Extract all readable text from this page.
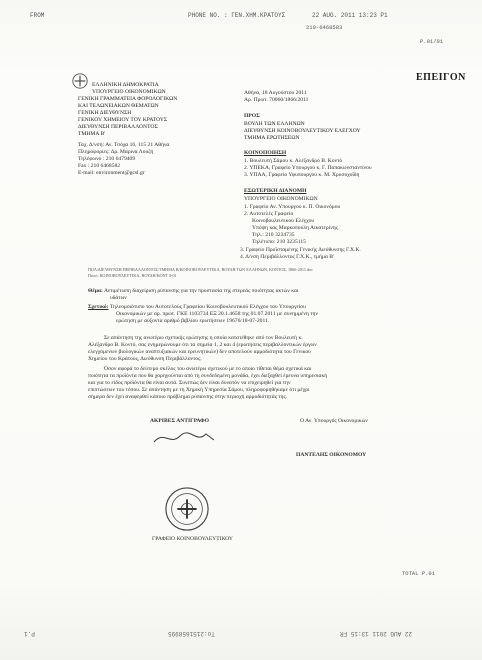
FROM	PHONE NO. : ΓΕΝ.ΧΗΜ.ΚΡΑΤΟΥΣ	22 AUG. 2011 13:23 P1
210-6468583
P.01/01
ΕΠΕΙΓΟΝ
ΕΛΛΗΝΙΚΗ ΔΗΜΟΚΡΑΤΙΑ
ΥΠΟΥΡΓΕΙΟ ΟΙΚΟΝΟΜΙΚΩΝ
ΓΕΝΙΚΗ ΓΡΑΜΜΑΤΕΙΑ ΦΟΡΟΛΟΓΙΚΩΝ
ΚΑΙ ΤΕΛΩΝΕΙΑΚΩΝ ΘΕΜΑΤΩΝ
ΓΕΝΙΚΗ ΔΙΕΥΘΥΝΣΗ
ΓΕΝΙΚΟΥ ΧΗΜΕΙΟΥ ΤΟΥ ΚΡΑΤΟΥΣ
ΔΙΕΥΘΥΝΣΗ ΠΕΡΙΒΑΛΛΟΝΤΟΣ
ΤΜΗΜΑ Β'
Ταχ. Δ/νση: Αν. Τσόχα 16, 115 21 Αθήνα
Πληροφορίες: Δρ. Μαρινα Λουζή
Τηλέφωνο : 210 6479409
Fax : 210 6468582
E-mail: environment@gcsl.gr
Αθήνα, 18 Αυγούστου 2011
Αρ. Πρωτ. 70060/1866/2011
ΠΡΟΣ
ΒΟΥΛΗ ΤΩΝ ΕΛΛΗΝΩΝ
ΔΙΕΥΘΥΝΣΗ ΚΟΙΝΟΒΟΥΛΕΥΤΙΚΟΥ ΕΛΕΓΧΟΥ
ΤΜΗΜΑ ΕΡΩΤΗΣΕΩΝ
ΚΟΙΝΟΠΟΙΗΣΗ
1. Βουλευτή Σάμου κ. Αλέξανδρο Β. Κοντό
2. ΥΠΕΚΑ, Γραφείο Υπουργού κ. Γ. Παπακωνσταντίνου
3. ΥΠΑΑ, Γραφείο Υφυπουργού κ. Μ. Χρυσοχοΐδη
ΕΣΩΤΕΡΙΚΗ ΔΙΑΝΟΜΗ
ΥΠΟΥΡΓΕΙΟ ΟΙΚΟΝΟΜΙΚΩΝ
1. Γραφείο Αν. Υπουργού κ. Π. Οικονόμου
2. Αυτοτελές Γραφείο
Κοινοβουλευτικού Ελέγχου
Υπόψη κας Μαρκοπούλη Αικατερίνης
Τηλ.: 210 3234735
Τηλέτυπο: 210 3235115
3. Γραφείο Προϊσταμένης Γενικής Διεύθυνσης Γ.Χ.Κ.
4. Δ/νση Περιβάλλοντος Γ.Χ.Κ., τμήμα Β'
ΠΟΛ/ΔΙΕΥΘΥΝΣΗ ΠΕΡΙΒΑΛΛΟΝΤΟΣ/ΤΜΗΜΑ Β/ΚΟΙΝΟΒΟΥΛΕΥΤΙΚΑ, ΒΟΥΛΗ ΤΩΝ ΕΛΛΗΝΩΝ, ΚΟΝΤΟΣ, 1866-2011.doc
Ποσό: ΚΟΙΝΟΒΟΥΛΕΥΤΙΚΑ, ΒΟΥΛΗ/ΚΟΝΤ 0-01
Θέμα: Αντιμέτωπη διαχείριση ρύπανσης για την προστασία της στερεάς ποιότητας ακτών και
υδάτων
Σχετικό: Τηλεομοιότυπο του Αυτοτελούς Γραφείου Κοινοβουλευτικού Ελέγχου του Υπουργείου
Οικονομικών με αρ. πρωτ. ΓΚΕ 1103734 ΕΞ 20.1.4658 της 01.07.2011 με συνημμένη την
ερώτηση με αύξοντα αριθμό βιβλίου ερωτήσεων 19676/18-07-2011.
Σε απάντηση της ανωτέρω σχετικής ερώτησης η οποία κατατέθηκε από τον Βουλευτή κ.
Αλέξανδρο Β. Κοντό, σας ενημερώνουμε ότι τα σημεία 1, 2 και 4 (ερωτήσεις περιβαλλοντικών έργων
ελεγχόμενων βιολογικών αναπτυξιακών και ερευνητικών) δεν αποτελούν αρμοδιότητα του Γενικού
Χημείου του Κράτους, Διεύθυνση Περιβάλλοντος.
Όσον αφορά το δεύτερο σκέλος του ανωτέρω σχετικού με το οποίο τίθεται θέμα σχετικά και
ποιότητα τα προϊόντα που θα χορηγούνται από τη συνδεδεμένη μονάδα, έχει διεξαχθεί έρευνα υπηρεσιακή
και για το είδος προϊόντα θα είναι αυτά. Συνεπώς δεν είναι δυνατόν να επιχειρηθεί για την
επιπτώσεων του τόπου. Σε απάντηση με τη Χημική Υπηρεσία Σάμου, πληροφορηθήκαμε ότι μέχρι
σήμερα δεν έχει αναφερθεί κάποιο πρόβλημα ρύπανσης στην περιοχή αρμοδιότητάς της.
ΑΚΡΙΒΕΣ ΑΝΤΙΓΡΑΦΟ	Ο Αν. Υπουργός Οικονομικών
ΠΑΝΤΕΛΗΣ ΟΙΚΟΝΟΜΟΥ
ΓΡΑΦΕΙΟ ΚΟΙΝΟΒΟΥΛΕΥΤΙΚΟΥ
TOTAL P.01
P.1	Το:2151658995	22 AUG 2011 13:15 FR
